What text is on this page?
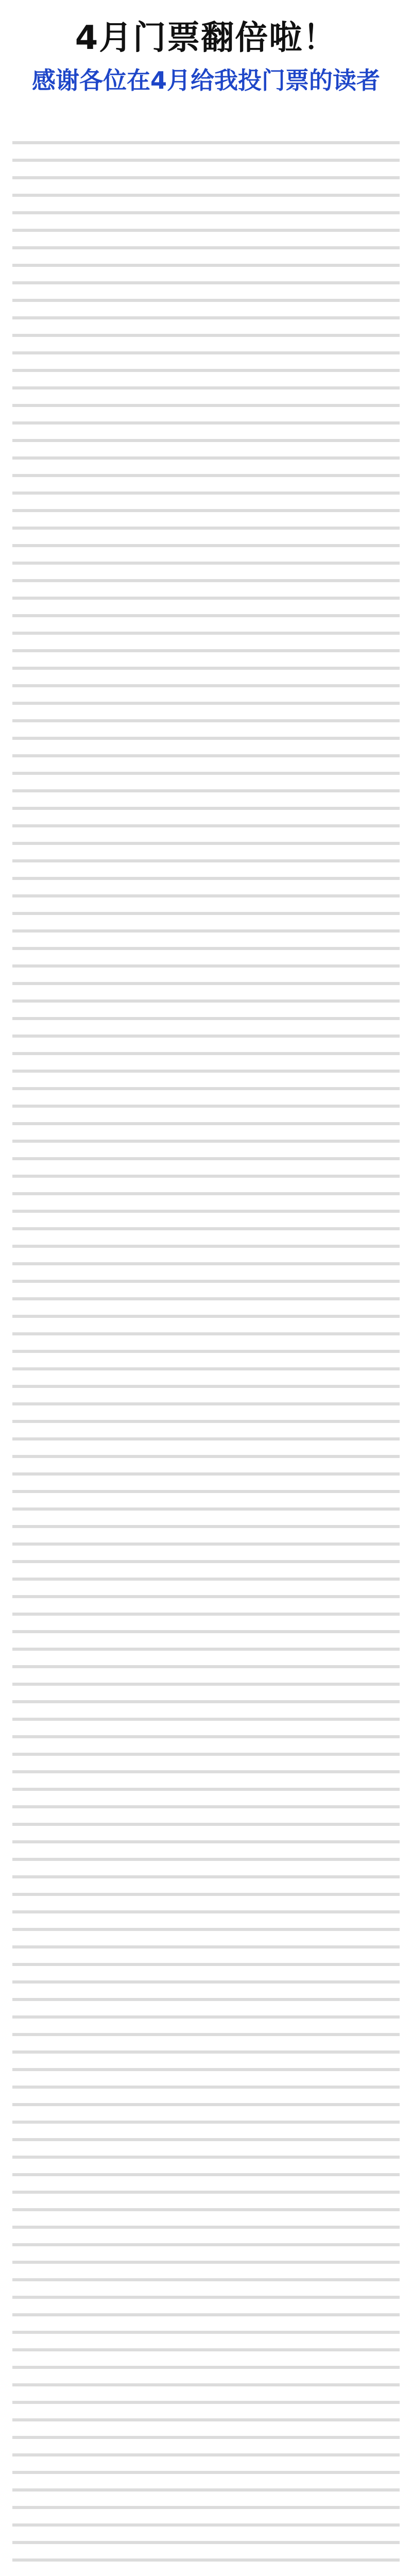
4月门票翻倍啦！
感谢各位在4月给我投门票的读者
